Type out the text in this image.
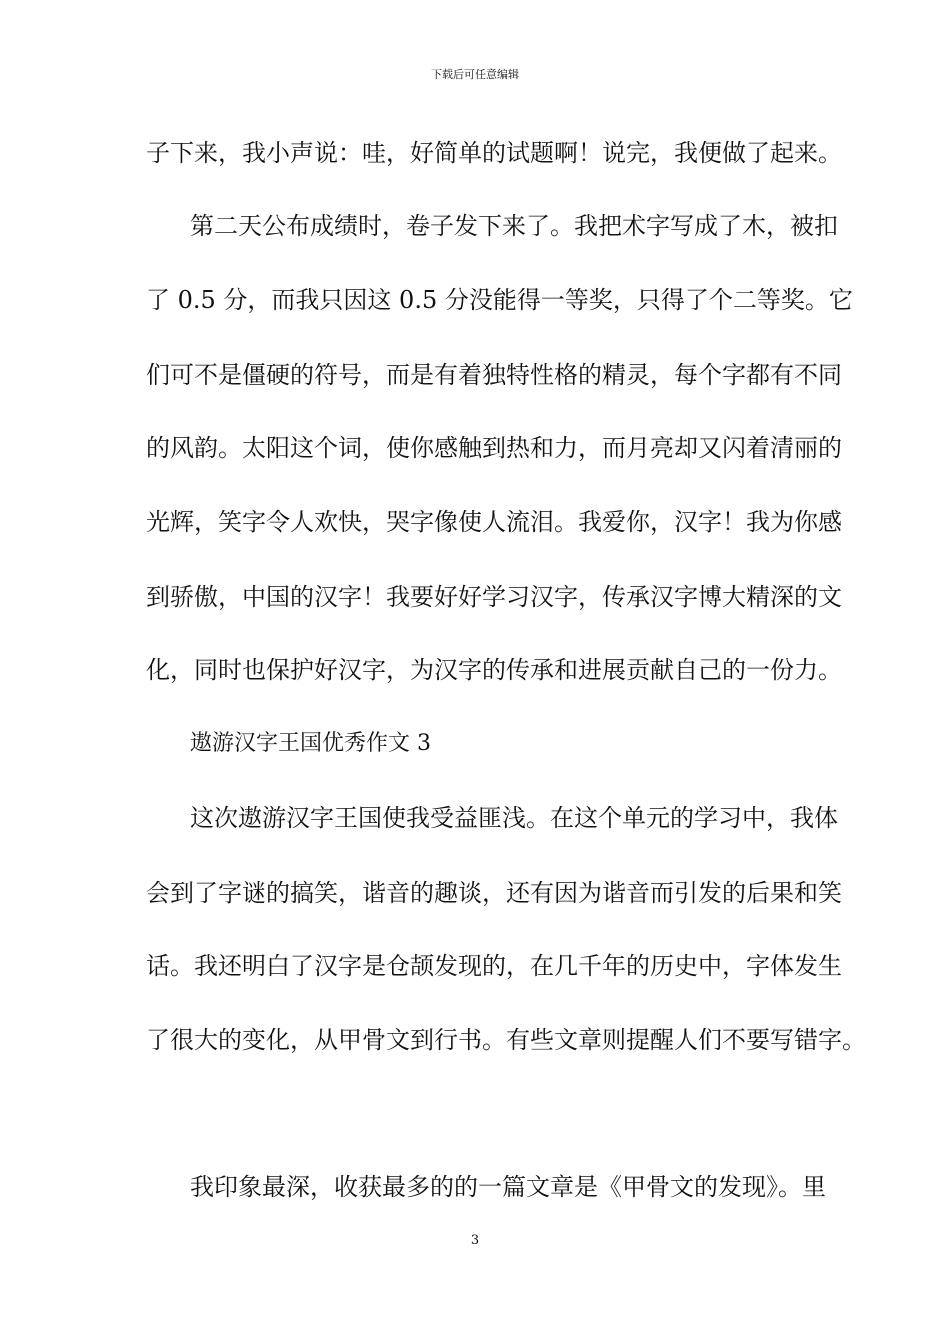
下载后可任意编辑
子下来，我小声说：哇，好简单的试题啊！说完，我便做了起来。
第二天公布成绩时，卷子发下来了。我把术字写成了木，被扣
了 0.5 分，而我只因这 0.5 分没能得一等奖，只得了个二等奖。它
们可不是僵硬的符号，而是有着独特性格的精灵，每个字都有不同
的风韵。太阳这个词，使你感触到热和力，而月亮却又闪着清丽的
光辉，笑字令人欢快，哭字像使人流泪。我爱你，汉字！我为你感
到骄傲，中国的汉字！我要好好学习汉字，传承汉字博大精深的文
化，同时也保护好汉字，为汉字的传承和进展贡献自己的一份力。
遨游汉字王国优秀作文 3
这次遨游汉字王国使我受益匪浅。在这个单元的学习中，我体
会到了字谜的搞笑，谐音的趣谈，还有因为谐音而引发的后果和笑
话。我还明白了汉字是仓颉发现的，在几千年的历史中，字体发生
了很大的变化，从甲骨文到行书。有些文章则提醒人们不要写错字。
我印象最深，收获最多的的一篇文章是《甲骨文的发现》。里
3
